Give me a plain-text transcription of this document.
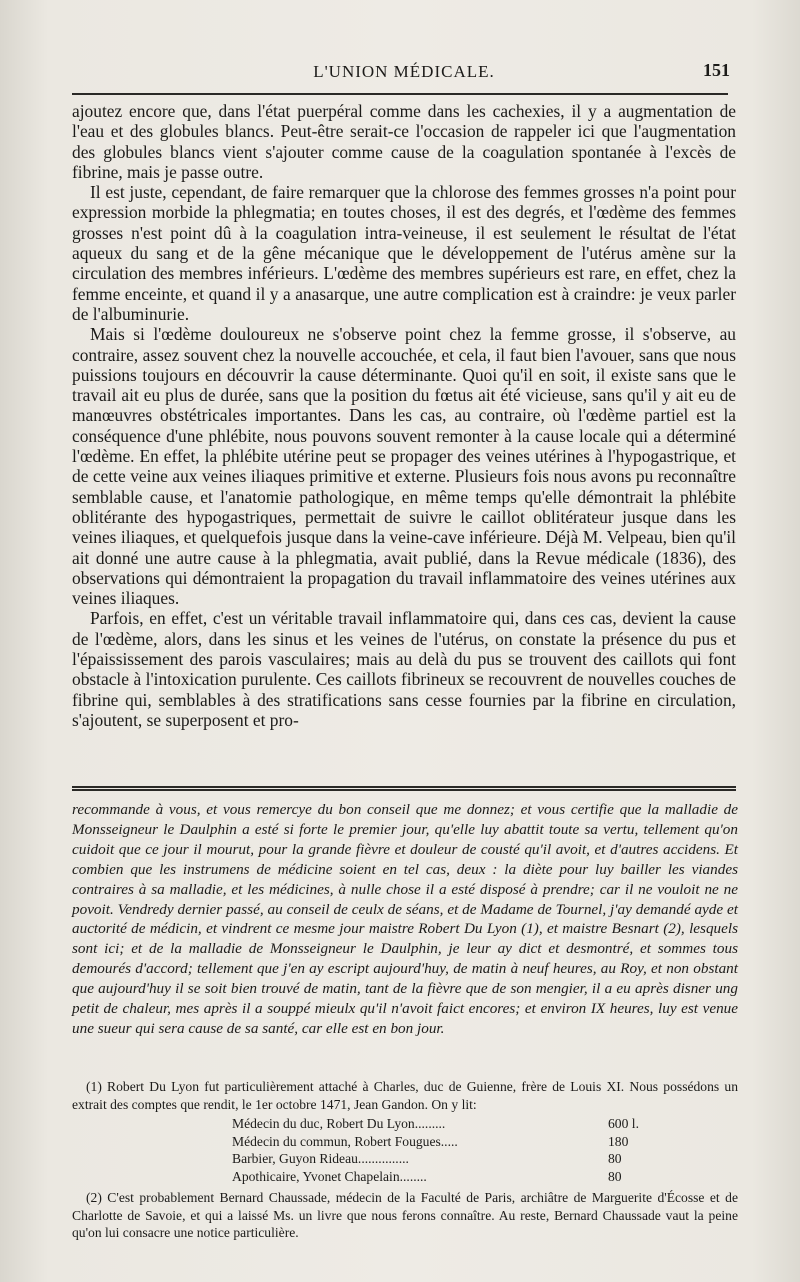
L'UNION MÉDICALE.	151

ajoutez encore que, dans l'état puerpéral comme dans les cachexies, il y a augmentation de l'eau et des globules blancs. Peut-être serait-ce l'occasion de rappeler ici que l'augmentation des globules blancs vient s'ajouter comme cause de la coagulation spontanée à l'excès de fibrine, mais je passe outre.

Il est juste, cependant, de faire remarquer que la chlorose des femmes grosses n'a point pour expression morbide la phlegmatia; en toutes choses, il est des degrés, et l'œdème des femmes grosses n'est point dû à la coagulation intra-veineuse, il est seulement le résultat de l'état aqueux du sang et de la gêne mécanique que le développement de l'utérus amène sur la circulation des membres inférieurs. L'œdème des membres supérieurs est rare, en effet, chez la femme enceinte, et quand il y a anasarque, une autre complication est à craindre: je veux parler de l'albuminurie.

Mais si l'œdème douloureux ne s'observe point chez la femme grosse, il s'observe, au contraire, assez souvent chez la nouvelle accouchée, et cela, il faut bien l'avouer, sans que nous puissions toujours en découvrir la cause déterminante. Quoi qu'il en soit, il existe sans que le travail ait eu plus de durée, sans que la position du fœtus ait été vicieuse, sans qu'il y ait eu de manœuvres obstétricales importantes. Dans les cas, au contraire, où l'œdème partiel est la conséquence d'une phlébite, nous pouvons souvent remonter à la cause locale qui a déterminé l'œdème. En effet, la phlébite utérine peut se propager des veines utérines à l'hypogastrique, et de cette veine aux veines iliaques primitive et externe. Plusieurs fois nous avons pu reconnaître semblable cause, et l'anatomie pathologique, en même temps qu'elle démontrait la phlébite oblitérante des hypogastriques, permettait de suivre le caillot oblitérateur jusque dans les veines iliaques, et quelquefois jusque dans la veine-cave inférieure. Déjà M. Velpeau, bien qu'il ait donné une autre cause à la phlegmatia, avait publié, dans la Revue médicale (1836), des observations qui démontraient la propagation du travail inflammatoire des veines utérines aux veines iliaques.

Parfois, en effet, c'est un véritable travail inflammatoire qui, dans ces cas, devient la cause de l'œdème, alors, dans les sinus et les veines de l'utérus, on constate la présence du pus et l'épaississement des parois vasculaires; mais au delà du pus se trouvent des caillots qui font obstacle à l'intoxication purulente. Ces caillots fibrineux se recouvrent de nouvelles couches de fibrine qui, semblables à des stratifications sans cesse fournies par la fibrine en circulation, s'ajoutent, se superposent et pro-

recommande à vous, et vous remercye du bon conseil que me donnez; et vous certifie que la malladie de Monsseigneur le Daulphin a esté si forte le premier jour, qu'elle luy abattit toute sa vertu, tellement qu'on cuidoit que ce jour il mourut, pour la grande fièvre et douleur de cousté qu'il avoit, et d'autres accidens. Et combien que les instrumens de médicine soient en tel cas, deux : la diète pour luy bailler les viandes contraires à sa malladie, et les médicines, à nulle chose il a esté disposé à prendre; car il ne vouloit ne ne povoit. Vendredy dernier passé, au conseil de ceulx de séans, et de Madame de Tournel, j'ay demandé ayde et auctorité de médicin, et vindrent ce mesme jour maistre Robert Du Lyon (1), et maistre Besnart (2), lesquels sont ici; et de la malladie de Monsseigneur le Daulphin, je leur ay dict et desmontré, et sommes tous demourés d'accord; tellement que j'en ay escript aujourd'huy, de matin à neuf heures, au Roy, et non obstant que aujourd'huy il se soit bien trouvé de matin, tant de la fièvre que de son mengier, il a eu après disner ung petit de chaleur, mes après il a souppé mieulx qu'il n'avoit faict encores; et environ IX heures, luy est venue une sueur qui sera cause de sa santé, car elle est en bon jour.

(1) Robert Du Lyon fut particulièrement attaché à Charles, duc de Guienne, frère de Louis XI. Nous possédons un extrait des comptes que rendit, le 1er octobre 1471, Jean Gandon. On y lit:

Médecin du duc, Robert Du Lyon.........	600 l.
Médecin du commun, Robert Fougues.....	180
Barbier, Guyon Rideau...............	80
Apothicaire, Yvonet Chapelain........	80

(2) C'est probablement Bernard Chaussade, médecin de la Faculté de Paris, archiâtre de Marguerite d'Écosse et de Charlotte de Savoie, et qui a laissé Ms. un livre que nous ferons connaître. Au reste, Bernard Chaussade vaut la peine qu'on lui consacre une notice particulière.
